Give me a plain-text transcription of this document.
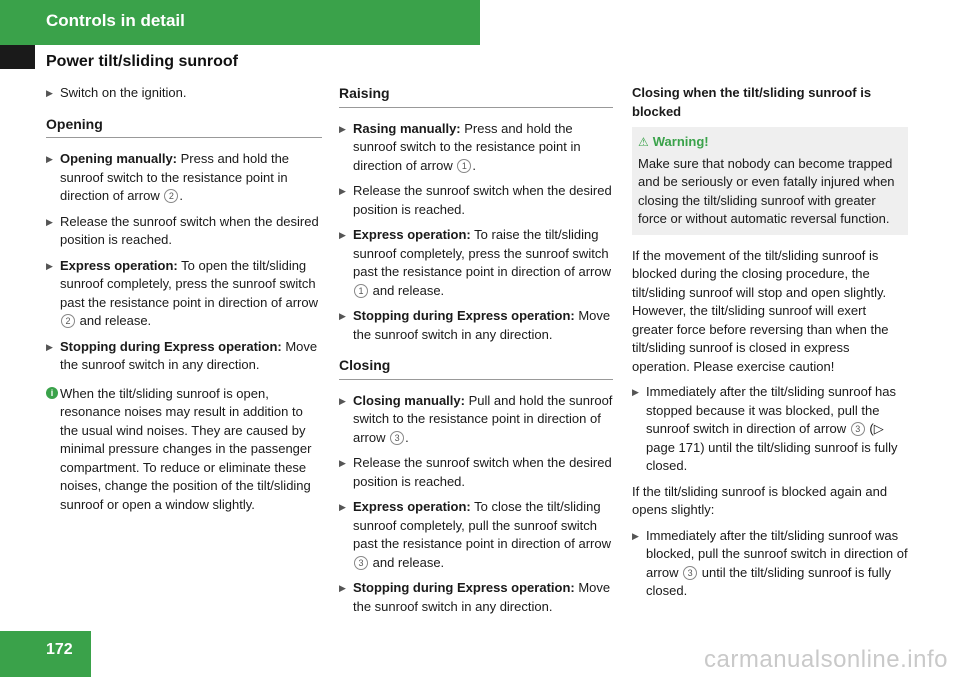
Controls in detail
Power tilt/sliding sunroof
▶ Switch on the ignition.
Opening
▶ Opening manually: Press and hold the sunroof switch to the resistance point in direction of arrow 2 .
▶ Release the sunroof switch when the desired position is reached.
▶ Express operation: To open the tilt/sliding sunroof completely, press the sunroof switch past the resistance point in direction of arrow 2 and release.
▶ Stopping during Express operation: Move the sunroof switch in any direction.
i When the tilt/sliding sunroof is open, resonance noises may result in addition to the usual wind noises. They are caused by minimal pressure changes in the passenger compartment. To reduce or eliminate these noises, change the position of the tilt/sliding sunroof or open a window slightly.
Raising
▶ Rasing manually: Press and hold the sunroof switch to the resistance point in direction of arrow 1 .
▶ Release the sunroof switch when the desired position is reached.
▶ Express operation: To raise the tilt/sliding sunroof completely, press the sunroof switch past the resistance point in direction of arrow 1 and release.
▶ Stopping during Express operation: Move the sunroof switch in any direction.
Closing
▶ Closing manually: Pull and hold the sunroof switch to the resistance point in direction of arrow 3 .
▶ Release the sunroof switch when the desired position is reached.
▶ Express operation: To close the tilt/sliding sunroof completely, pull the sunroof switch past the resistance point in direction of arrow 3 and release.
▶ Stopping during Express operation: Move the sunroof switch in any direction.
Closing when the tilt/sliding sunroof is blocked
⚠ Warning!
Make sure that nobody can become trapped and be seriously or even fatally injured when closing the tilt/sliding sunroof with greater force or without automatic reversal function.

If the movement of the tilt/sliding sunroof is blocked during the closing procedure, the tilt/sliding sunroof will stop and open slightly. However, the tilt/sliding sunroof will exert greater force before reversing than when the tilt/sliding sunroof is closed in express operation. Please exercise caution!

▶ Immediately after the tilt/sliding sunroof has stopped because it was blocked, pull the sunroof switch in direction of arrow 3 (▷ page 171) until the tilt/sliding sunroof is fully closed.

If the tilt/sliding sunroof is blocked again and opens slightly:

▶ Immediately after the tilt/sliding sunroof was blocked, pull the sunroof switch in direction of arrow 3 until the tilt/sliding sunroof is fully closed.
172	carmanualsonline.info
